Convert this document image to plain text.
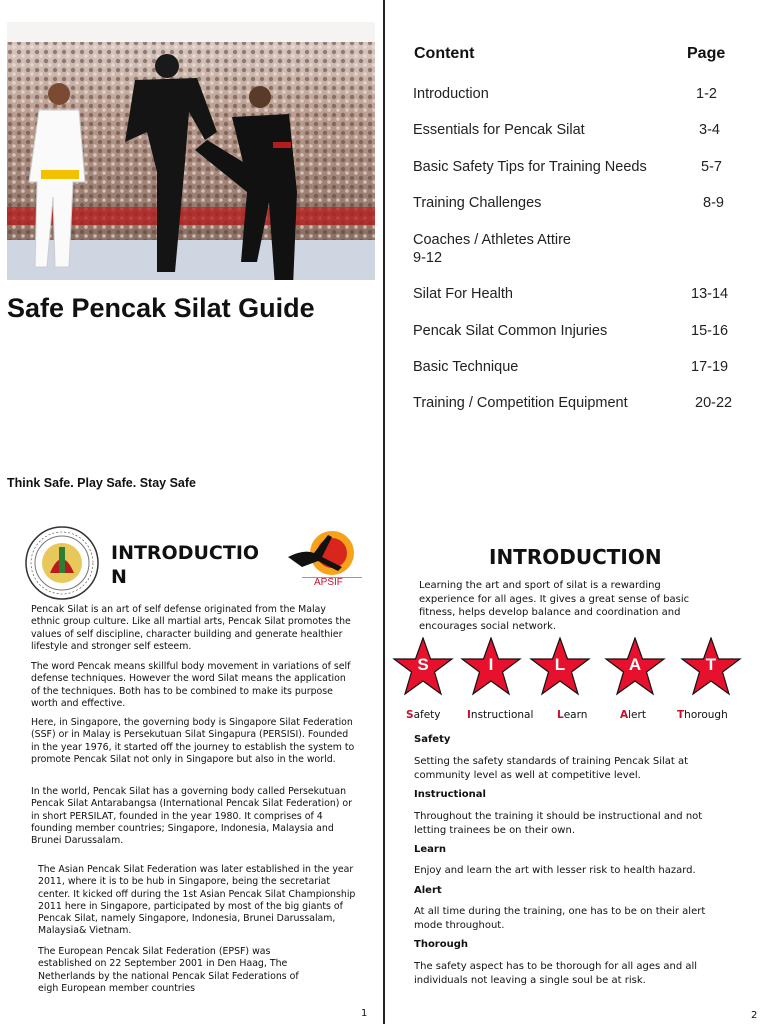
Safe Pencak Silat Guide
Think Safe. Play Safe. Stay Safe
INTRODUCTIO
N	APSIF
Pencak Silat is an art of self defense originated from the Malay ethnic group culture. Like all martial arts, Pencak Silat promotes the values of self discipline, character building and generate healthier lifestyle and stronger self esteem.
The word Pencak means skillful body movement in variations of self defense techniques. However the word Silat means the application of the techniques. Both has to be combined to make its purpose worth and effective.
Here, in Singapore, the governing body is Singapore Silat Federation (SSF) or in Malay is Persekutuan Silat Singapura (PERSISI). Founded in the year 1976, it started off the journey to establish the system to promote Pencak Silat not only in Singapore but also in the world.
In the world, Pencak Silat has a governing body called Persekutuan Pencak Silat Antarabangsa (International Pencak Silat Federation) or in short PERSILAT, founded in the year 1980. It comprises of 4 founding member countries; Singapore, Indonesia, Malaysia and Brunei Darussalam.
The Asian Pencak Silat Federation was later established in the year 2011, where it is to be hub in Singapore, being the secretariat center. It kicked off during the 1st Asian Pencak Silat Championship 2011 here in Singapore, participated by most of the big giants of Pencak Silat, namely Singapore, Indonesia, Brunei Darussalam, Malaysia& Vietnam.
The European Pencak Silat Federation (EPSF) was established on 22 September 2001 in Den Haag, The Netherlands by the national Pencak Silat Federations of eigh European member countries
1
Content	Page
Introduction	1-2
Essentials for Pencak Silat	3-4
Basic Safety Tips for Training Needs	5-7
Training Challenges	8-9
Coaches / Athletes Attire
9-12
Silat For Health	13-14
Pencak Silat Common Injuries	15-16
Basic Technique	17-19
Training / Competition Equipment	20-22
INTRODUCTION
Learning the art and sport of silat is a rewarding experience for all ages. It gives a great sense of basic fitness, helps develop balance and coordination and encourages social network.
S	I	L	A	T
Safety	Instructional Learn	Alert	Thorough
Safety
Setting the safety standards of training Pencak Silat at community level as well at competitive level.
Instructional
Throughout the training it should be instructional and not letting trainees be on their own.
Learn
Enjoy and learn the art with lesser risk to health hazard.
Alert
At all time during the training, one has to be on their alert mode throughout.
Thorough
The safety aspect has to be thorough for all ages and all individuals not leaving a single soul be at risk.
2
